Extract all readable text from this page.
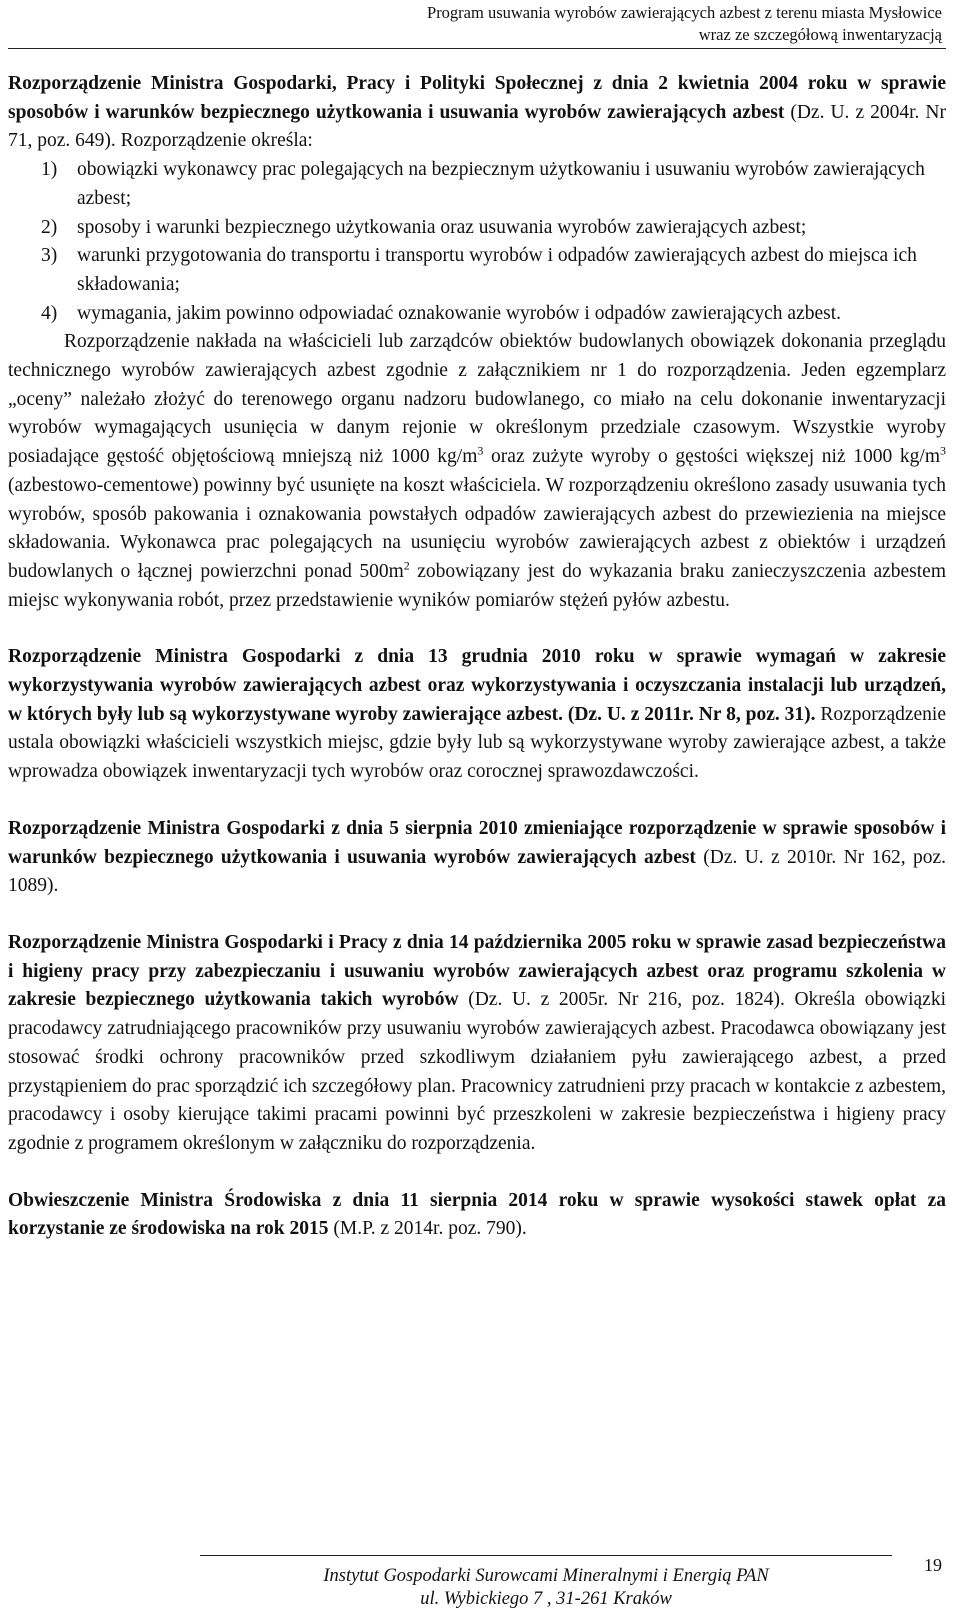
Program usuwania wyrobów zawierających azbest z terenu miasta Mysłowice
wraz ze szczegółową inwentaryzacją

Rozporządzenie Ministra Gospodarki, Pracy i Polityki Społecznej z dnia 2 kwietnia 2004 roku w sprawie sposobów i warunków bezpiecznego użytkowania i usuwania wyrobów zawierających azbest (Dz. U. z 2004r. Nr 71, poz. 649). Rozporządzenie określa:

1) obowiązki wykonawcy prac polegających na bezpiecznym użytkowaniu i usuwaniu wyrobów zawierających azbest;
2) sposoby i warunki bezpiecznego użytkowania oraz usuwania wyrobów zawierających azbest;
3) warunki przygotowania do transportu i transportu wyrobów i odpadów zawierających azbest do miejsca ich składowania;
4) wymagania, jakim powinno odpowiadać oznakowanie wyrobów i odpadów zawierających azbest.

Rozporządzenie nakłada na właścicieli lub zarządców obiektów budowlanych obowiązek dokonania przeglądu technicznego wyrobów zawierających azbest zgodnie z załącznikiem nr 1 do rozporządzenia. Jeden egzemplarz „oceny” należało złożyć do terenowego organu nadzoru budowlanego, co miało na celu dokonanie inwentaryzacji wyrobów wymagających usunięcia w danym rejonie w określonym przedziale czasowym. Wszystkie wyroby posiadające gęstość objętościową mniejszą niż 1000 $kg/m^3$ oraz zużyte wyroby o gęstości większej niż 1000 $kg/m^3$ (azbestowo-cementowe) powinny być usunięte na koszt właściciela. W rozporządzeniu określono zasady usuwania tych wyrobów, sposób pakowania i oznakowania powstałych odpadów zawierających azbest do przewiezienia na miejsce składowania. Wykonawca prac polegających na usunięciu wyrobów zawierających azbest z obiektów i urządzeń budowlanych o łącznej powierzchni ponad $500m^2$ zobowiązany jest do wykazania braku zanieczyszczenia azbestem miejsc wykonywania robót, przez przedstawienie wyników pomiarów stężeń pyłów azbestu.

Rozporządzenie Ministra Gospodarki z dnia 13 grudnia 2010 roku w sprawie wymagań w zakresie wykorzystywania wyrobów zawierających azbest oraz wykorzystywania i oczyszczania instalacji lub urządzeń, w których były lub są wykorzystywane wyroby zawierające azbest. (Dz. U. z 2011r. Nr 8, poz. 31). Rozporządzenie ustala obowiązki właścicieli wszystkich miejsc, gdzie były lub są wykorzystywane wyroby zawierające azbest, a także wprowadza obowiązek inwentaryzacji tych wyrobów oraz corocznej sprawozdawczości.

Rozporządzenie Ministra Gospodarki z dnia 5 sierpnia 2010 zmieniające rozporządzenie w sprawie sposobów i warunków bezpiecznego użytkowania i usuwania wyrobów zawierających azbest (Dz. U. z 2010r. Nr 162, poz. 1089).

Rozporządzenie Ministra Gospodarki i Pracy z dnia 14 października 2005 roku w sprawie zasad bezpieczeństwa i higieny pracy przy zabezpieczaniu i usuwaniu wyrobów zawierających azbest oraz programu szkolenia w zakresie bezpiecznego użytkowania takich wyrobów (Dz. U. z 2005r. Nr 216, poz. 1824). Określa obowiązki pracodawcy zatrudniającego pracowników przy usuwaniu wyrobów zawierających azbest. Pracodawca obowiązany jest stosować środki ochrony pracowników przed szkodliwym działaniem pyłu zawierającego azbest, a przed przystąpieniem do prac sporządzić ich szczegółowy plan. Pracownicy zatrudnieni przy pracach w kontakcie z azbestem, pracodawcy i osoby kierujące takimi pracami powinni być przeszkoleni w zakresie bezpieczeństwa i higieny pracy zgodnie z programem określonym w załączniku do rozporządzenia.

Obwieszczenie Ministra Środowiska z dnia 11 sierpnia 2014 roku w sprawie wysokości stawek opłat za korzystanie ze środowiska na rok 2015 (M.P. z 2014r. poz. 790).

Instytut Gospodarki Surowcami Mineralnymi i Energią PAN
ul. Wybickiego 7 , 31-261 Kraków
19
